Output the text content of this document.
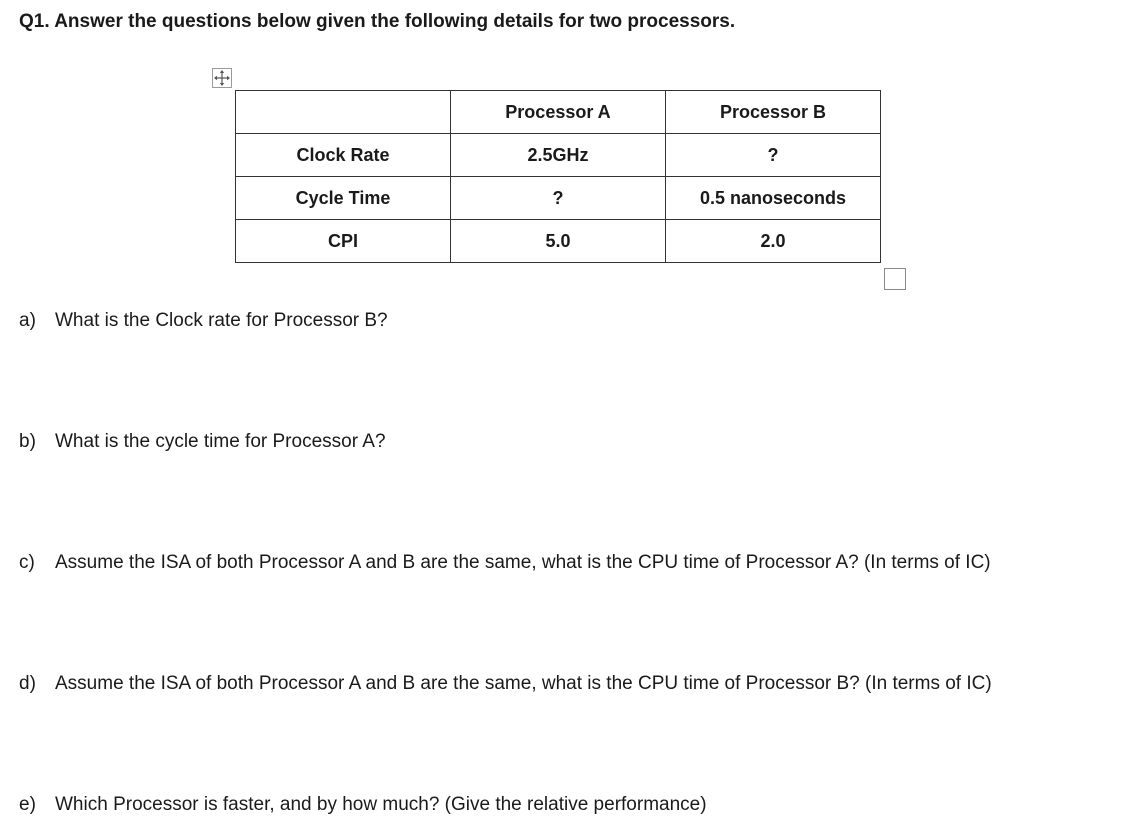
Q1. Answer the questions below given the following details for two processors.
	Processor A	Processor B
Clock Rate	2.5GHz	?
Cycle Time	?	0.5 nanoseconds
CPI	5.0	2.0
a) What is the Clock rate for Processor B?
b) What is the cycle time for Processor A?
c) Assume the ISA of both Processor A and B are the same, what is the CPU time of Processor A? (In terms of IC)
d) Assume the ISA of both Processor A and B are the same, what is the CPU time of Processor B? (In terms of IC)
e) Which Processor is faster, and by how much? (Give the relative performance)
